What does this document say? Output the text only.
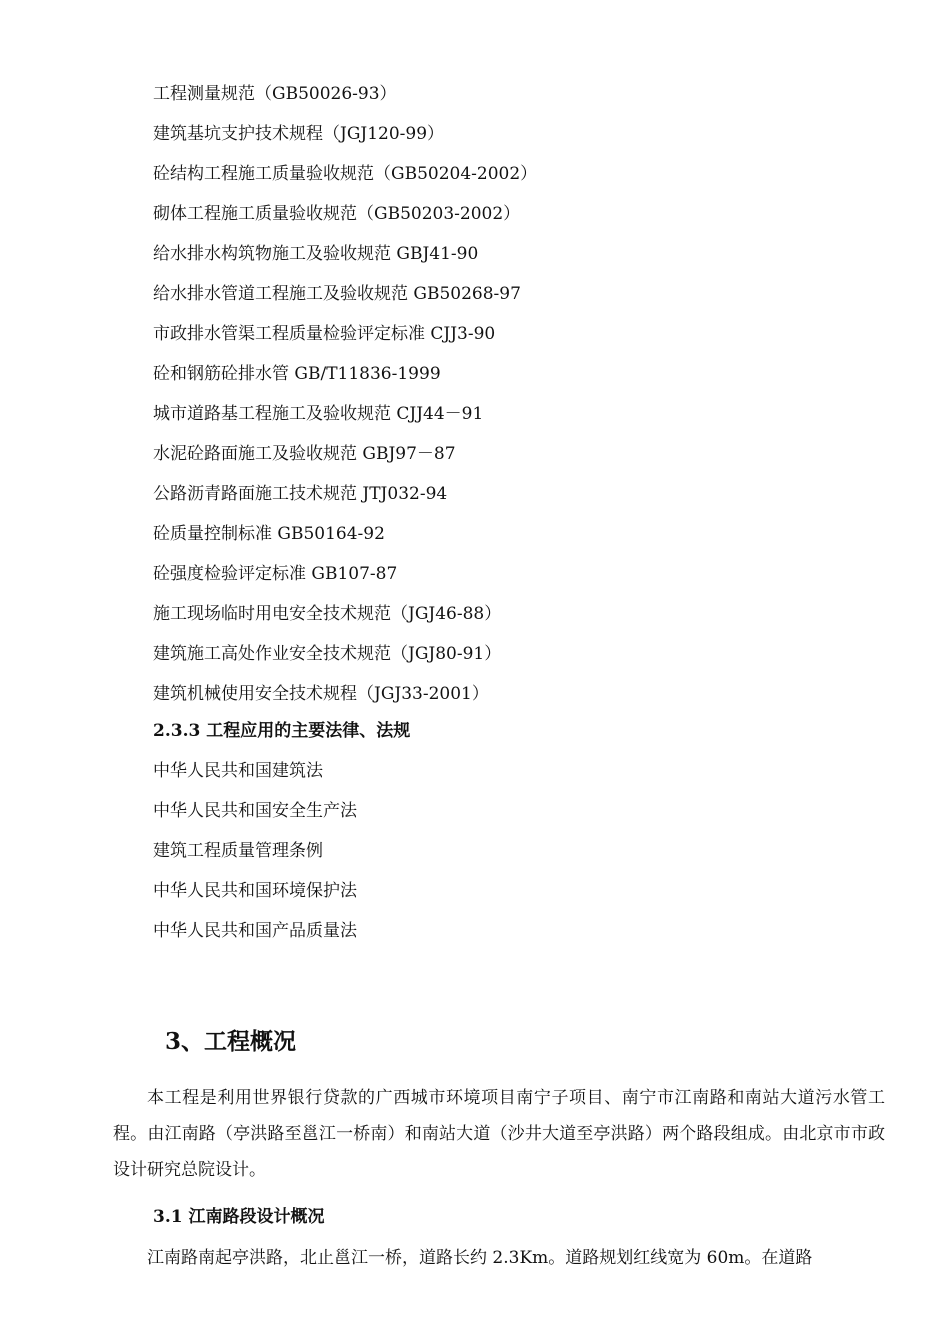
工程测量规范（GB50026-93）
建筑基坑支护技术规程（JGJ120-99）
砼结构工程施工质量验收规范（GB50204-2002）
砌体工程施工质量验收规范（GB50203-2002）
给水排水构筑物施工及验收规范 GBJ41-90
给水排水管道工程施工及验收规范 GB50268-97
市政排水管渠工程质量检验评定标准 CJJ3-90
砼和钢筋砼排水管 GB/T11836-1999
城市道路基工程施工及验收规范 CJJ44－91
水泥砼路面施工及验收规范 GBJ97－87
公路沥青路面施工技术规范 JTJ032-94
砼质量控制标准 GB50164-92
砼强度检验评定标准 GB107-87
施工现场临时用电安全技术规范（JGJ46-88）
建筑施工高处作业安全技术规范（JGJ80-91）
建筑机械使用安全技术规程（JGJ33-2001）
2.3.3 工程应用的主要法律、法规
中华人民共和国建筑法
中华人民共和国安全生产法
建筑工程质量管理条例
中华人民共和国环境保护法
中华人民共和国产品质量法
3、工程概况

本工程是利用世界银行贷款的广西城市环境项目南宁子项目、南宁市江南路和南站大道污水管工程。由江南路（亭洪路至邕江一桥南）和南站大道（沙井大道至亭洪路）两个路段组成。由北京市市政设计研究总院设计。

3.1 江南路段设计概况

江南路南起亭洪路，北止邕江一桥，道路长约 2.3Km。道路规划红线宽为 60m。在道路
